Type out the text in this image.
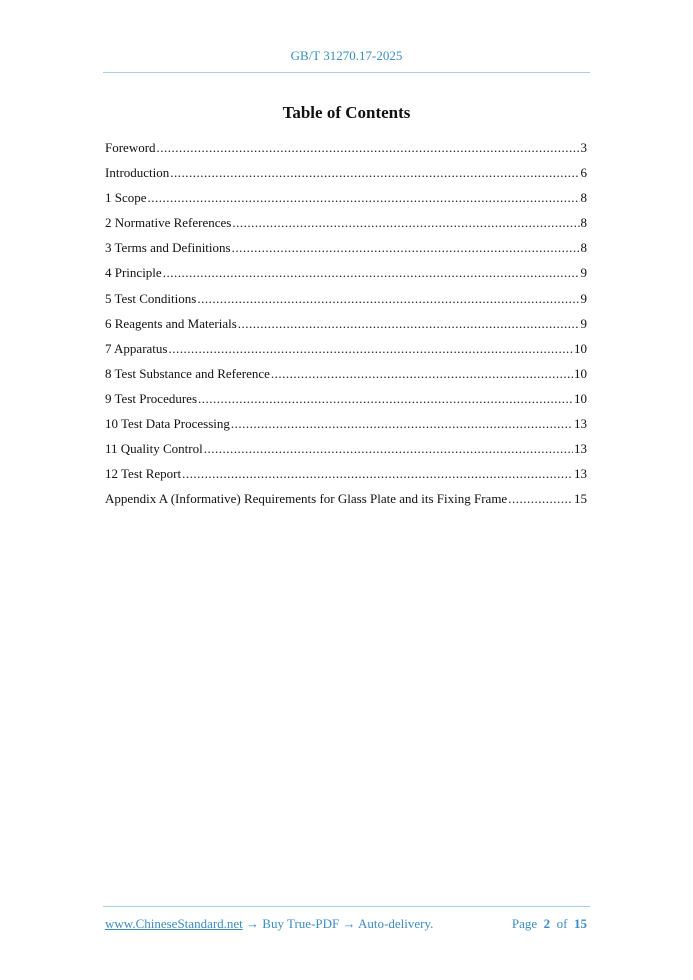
GB/T 31270.17-2025
Table of Contents
Foreword .....	3
Introduction .....	6
1 Scope .....	8
2 Normative References .....	8
3 Terms and Definitions .....	8
4 Principle .....	9
5 Test Conditions .....	9
6 Reagents and Materials .....	9
7 Apparatus .....	10
8 Test Substance and Reference .....	10
9 Test Procedures .....	10
10 Test Data Processing .....	13
11 Quality Control .....	13
12 Test Report .....	13
Appendix A (Informative) Requirements for Glass Plate and its Fixing Frame .....	15
www.ChineseStandard.net → Buy True-PDF → Auto-delivery.	Page 2 of 15
